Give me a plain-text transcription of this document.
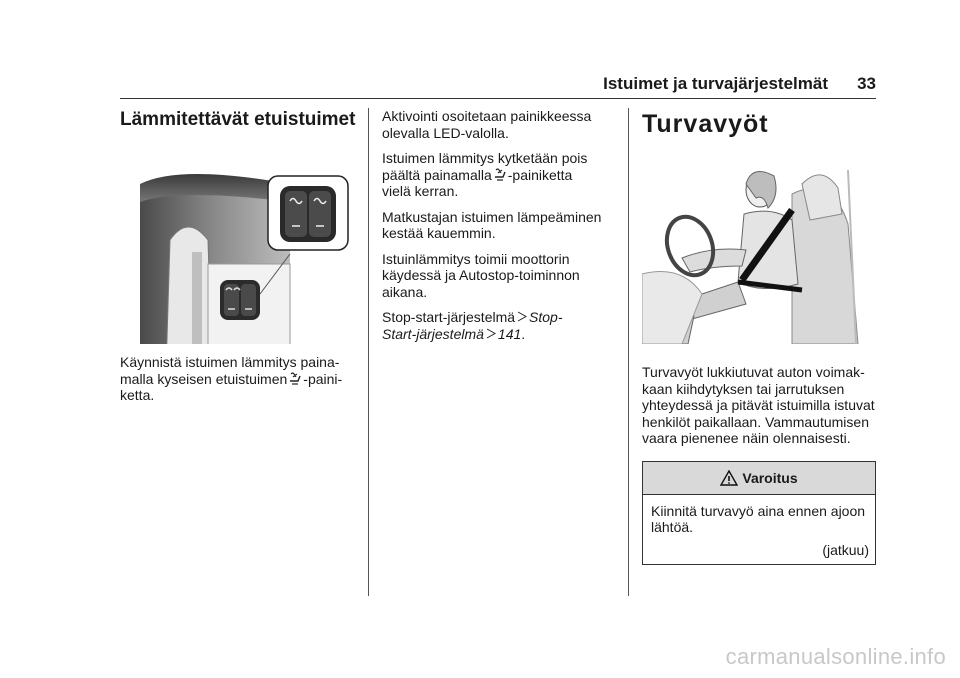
Istuimet ja turvajärjestelmät 33
Lämmitettävät etuistuimet

Käynnistä istuimen lämmitys paina-
malla kyseisen etuistuimen -paini-
ketta.

Aktivointi osoitetaan painikkeessa olevalla LED-valolla.

Istuimen lämmitys kytketään pois
päältä painamalla -painiketta
vielä kerran.

Matkustajan istuimen lämpeäminen kestää kauemmin.

Istuinlämmitys toimii moottorin käydessä ja Autostop-toiminnon aikana.

Stop-start-järjestelmä Stop-
Start-järjestelmä 141.

Turvavyöt

Turvavyöt lukkiutuvat auton voimakkaan kiihdytyksen tai jarrutuksen yhteydessä ja pitävät istuimilla istuvat henkilöt paikallaan. Vammautumisen vaara pienenee näin olennaisesti.

Varoitus
Kiinnitä turvavyö aina ennen ajoon lähtöä.
(jatkuu)
carmanualsonline.info
